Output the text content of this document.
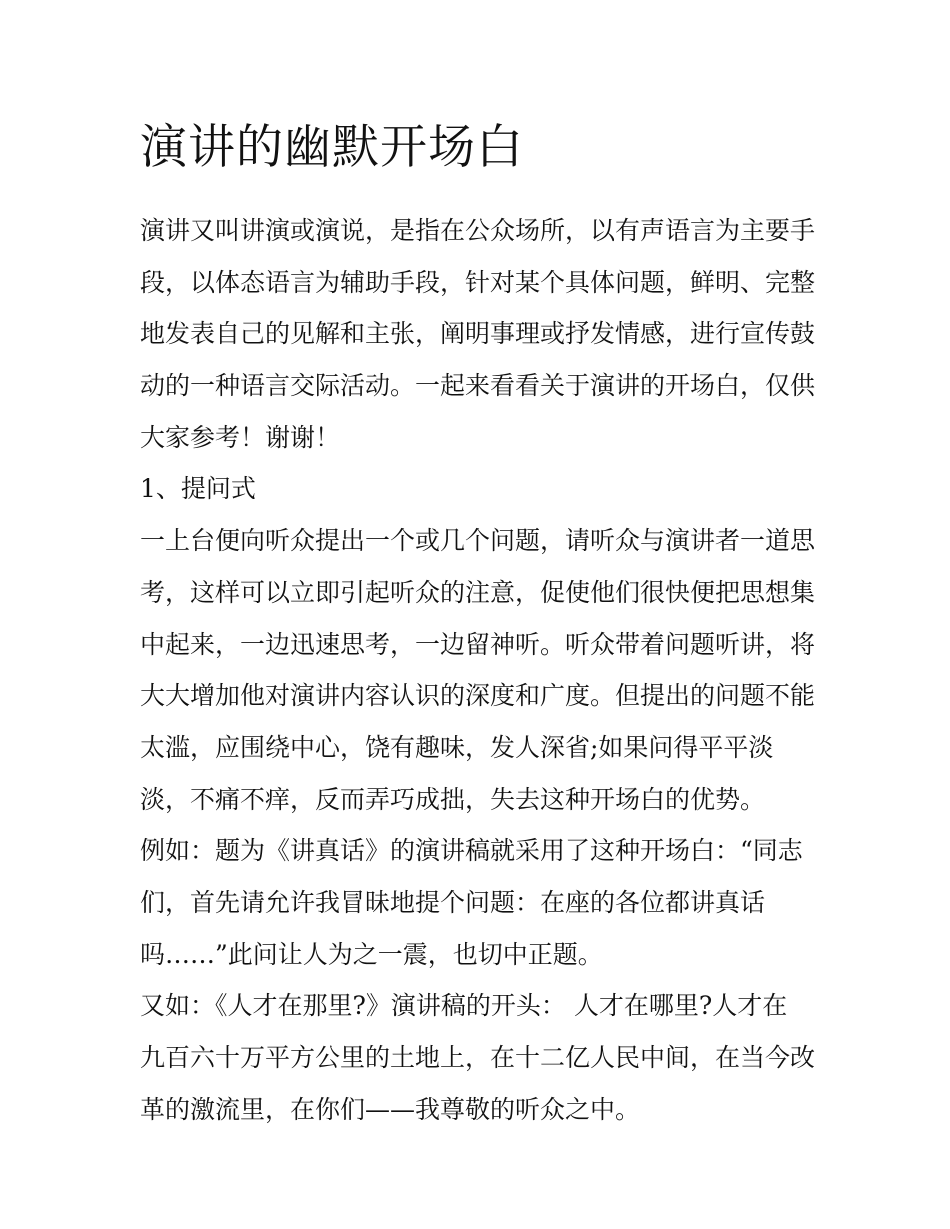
演讲的幽默开场白

演讲又叫讲演或演说，是指在公众场所，以有声语言为主要手

段，以体态语言为辅助手段，针对某个具体问题，鲜明、完整

地发表自己的见解和主张，阐明事理或抒发情感，进行宣传鼓

动的一种语言交际活动。一起来看看关于演讲的开场白，仅供

大家参考！谢谢！

1、提问式

一上台便向听众提出一个或几个问题，请听众与演讲者一道思

考，这样可以立即引起听众的注意，促使他们很快便把思想集

中起来，一边迅速思考，一边留神听。听众带着问题听讲，将

大大增加他对演讲内容认识的深度和广度。但提出的问题不能

太滥，应围绕中心，饶有趣味，发人深省;如果问得平平淡

淡，不痛不痒，反而弄巧成拙，失去这种开场白的优势。

例如：题为《讲真话》的演讲稿就采用了这种开场白：“同志

们，首先请允许我冒昧地提个问题：在座的各位都讲真话

吗……”此问让人为之一震，也切中正题。

又如：《人才在那里?》演讲稿的开头： 人才在哪里?人才在

九百六十万平方公里的土地上，在十二亿人民中间，在当今改

革的激流里，在你们——我尊敬的听众之中。
